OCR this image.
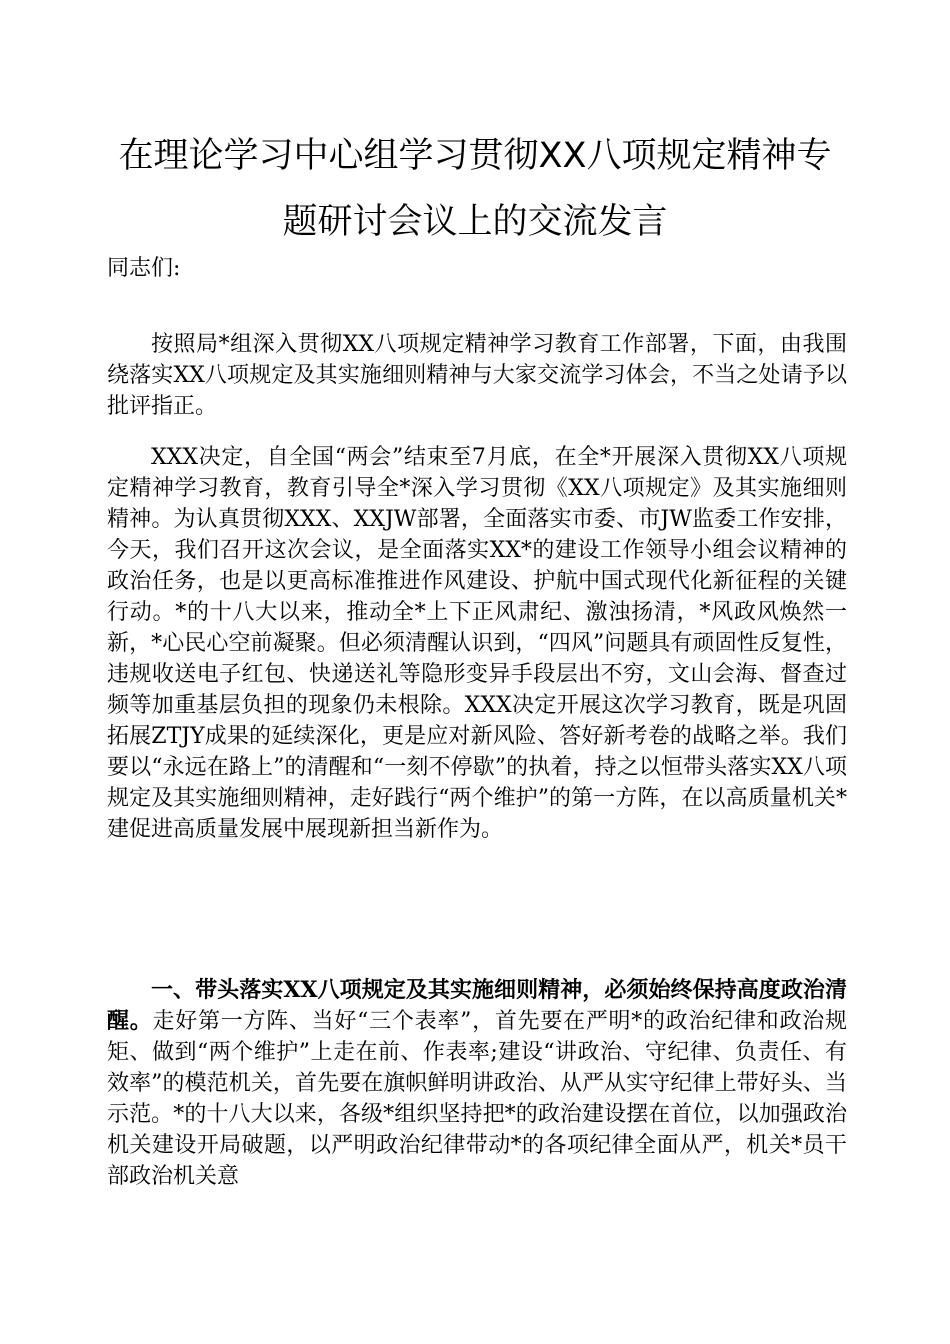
在理论学习中心组学习贯彻XX八项规定精神专
题研讨会议上的交流发言
同志们:

按照局*组深入贯彻XX八项规定精神学习教育工作部署，下面，由我围绕落实XX八项规定及其实施细则精神与大家交流学习体会，不当之处请予以批评指正。

XXX决定，自全国“两会”结束至7月底，在全*开展深入贯彻XX八项规定精神学习教育，教育引导全*深入学习贯彻《XX八项规定》及其实施细则精神。为认真贯彻XXX、XXJW部署，全面落实市委、市JW监委工作安排，今天，我们召开这次会议，是全面落实XX*的建设工作领导小组会议精神的政治任务，也是以更高标准推进作风建设、护航中国式现代化新征程的关键行动。*的十八大以来，推动全*上下正风肃纪、激浊扬清，*风政风焕然一新，*心民心空前凝聚。但必须清醒认识到，“四风”问题具有顽固性反复性，违规收送电子红包、快递送礼等隐形变异手段层出不穷，文山会海、督查过频等加重基层负担的现象仍未根除。XXX决定开展这次学习教育，既是巩固拓展ZTJY成果的延续深化，更是应对新风险、答好新考卷的战略之举。我们要以“永远在路上”的清醒和“一刻不停歇”的执着，持之以恒带头落实XX八项规定及其实施细则精神，走好践行“两个维护”的第一方阵，在以高质量机关*建促进高质量发展中展现新担当新作为。

一、带头落实XX八项规定及其实施细则精神，必须始终保持高度政治清醒。走好第一方阵、当好“三个表率”，首先要在严明*的政治纪律和政治规矩、做到“两个维护”上走在前、作表率;建设“讲政治、守纪律、负责任、有效率”的模范机关，首先要在旗帜鲜明讲政治、从严从实守纪律上带好头、当示范。*的十八大以来，各级*组织坚持把*的政治建设摆在首位，以加强政治机关建设开局破题，以严明政治纪律带动*的各项纪律全面从严，机关*员干部政治机关意
